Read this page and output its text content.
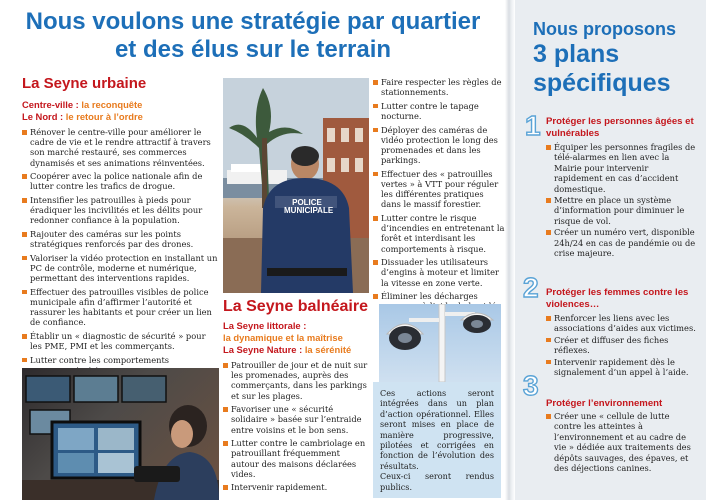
Nous voulons une stratégie par quartier
et des élus sur le terrain
La Seyne urbaine
Centre-ville : la reconquête
Le Nord : le retour à l’ordre
Rénover le centre-ville pour améliorer le cadre de vie et le rendre attractif à travers son marché restauré, ses commerces dynamisés et ses animations réinventées.
Coopérer avec la police nationale afin de lutter contre les trafics de drogue.
Intensifier les patrouilles à pieds pour éradiquer les incivilités et les délits pour redonner confiance à la population.
Rajouter des caméras sur les points stratégiques renforcés par des drones.
Valoriser la vidéo protection en installant un PC de contrôle, moderne et numérique, permettant des interventions rapides.
Effectuer des patrouilles visibles de police municipale afin d’affirmer l’autorité et rassurer les habitants et pour créer un lien de confiance.
Établir un « diagnostic de sécurité » pour les PME, PMI et les commerçants.
Lutter contre les comportements
POLICE MUNICIPALE
La Seyne balnéaire
La Seyne littorale :
la dynamique et la maîtrise
La Seyne Nature : la sérénité
Patrouiller de jour et de nuit sur les promenades, auprès des commerçants, dans les parkings et sur les plages.
Favoriser une « sécurité solidaire » basée sur l’entraide entre voisins et le bon sens.
Lutter contre le cambriolage en patrouillant fréquemment autour des maisons déclarées vides.
Intervenir rapidement.
Faire respecter les règles de stationnements.
Lutter contre le tapage nocturne.
Déployer des caméras de vidéo protection le long des promenades et dans les parkings.
Effectuer des « patrouilles vertes » à VTT pour réguler les différentes pratiques dans le massif forestier.
Lutter contre le risque d’incendies en entretenant la forêt et interdisant les comportements à risque.
Dissuader les utilisateurs d’engins à moteur et limiter la vitesse en zone verte.
Éliminer les décharges

Ces actions seront intégrées dans un plan d’action opérationnel. Elles seront mises en place de manière progressive, pilotées et corrigées en fonction de l’évolution des résultats.

Ceux-ci seront rendus publics.

Nous proposons
3 plans
spécifiques
1 Protéger les personnes âgées et vulnérables
Équiper les personnes fragiles de télé-alarmes en lien avec la Mairie pour intervenir rapidement en cas d’accident domestique.
Mettre en place un système d’information pour diminuer le risque de vol.
Créer un numéro vert, disponible 24h/24 en cas de pandémie ou de crise majeure.
2 Protéger les femmes contre les violences…
Renforcer les liens avec les associations d’aides aux victimes.
Créer et diffuser des fiches réflexes.
Intervenir rapidement dès le signalement d’un appel à l’aide.
3
Protéger l’environnement
Créer une « cellule de lutte contre les atteintes à l’environnement et au cadre de vie » dédiée aux traitements des dépôts sauvages, des épaves, et des déjections canines.
